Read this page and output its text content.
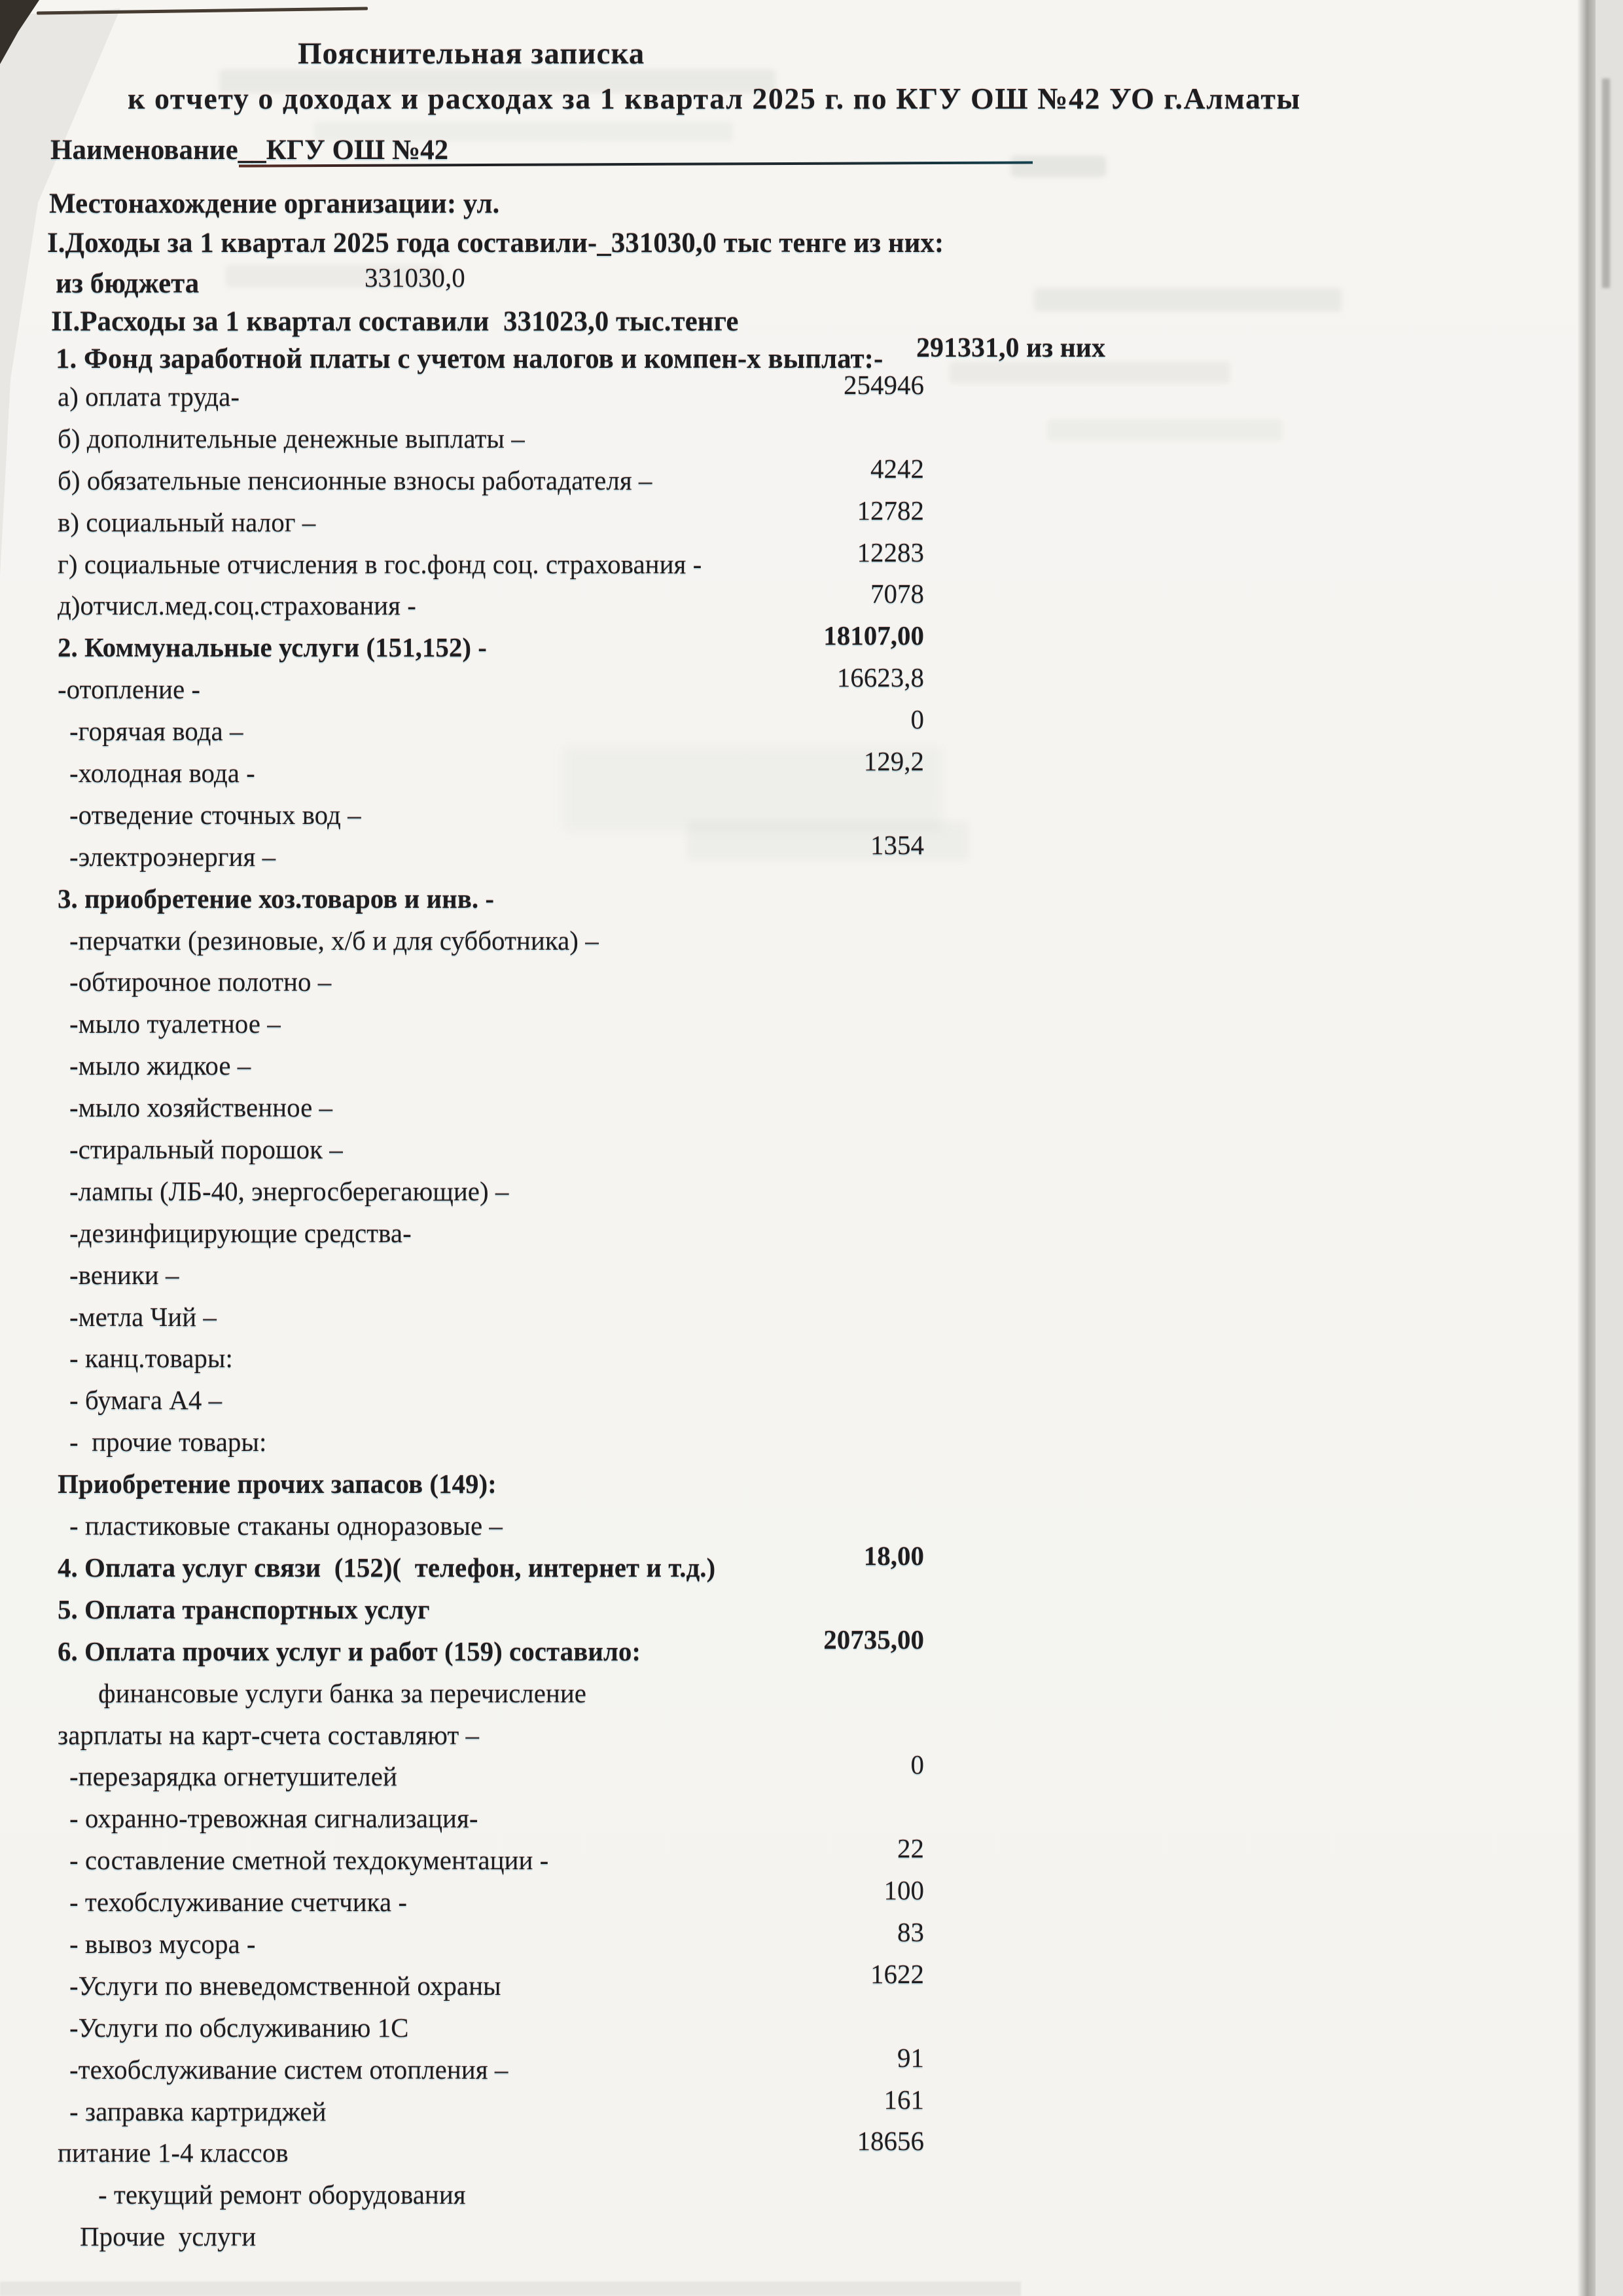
Пояснительная записка
к отчету о доходах и расходах за 1 квартал 2025 г. по КГУ ОШ №42 УО г.Алматы
Наименование__КГУ ОШ №42
Местонахождение организации: ул.
I.Доходы за 1 квартал 2025 года составили-_331030,0 тыс тенге из них:
из бюджета	331030,0
II.Расходы за 1 квартал составили  331023,0 тыс.тенге
1. Фонд заработной платы с учетом налогов и компен-х выплат:- 291331,0 из них
а) оплата труда-	254946
б) дополнительные денежные выплаты –
б) обязательные пенсионные взносы работадателя –	4242
в) социальный налог –	12782
г) социальные отчисления в гос.фонд соц. страхования -	12283
д)отчисл.мед.соц.страхования -	7078
2. Коммунальные услуги (151,152) -	18107,00
-отопление -	16623,8
-горячая вода –	0
-холодная вода -	129,2
-отведение сточных вод –
-электроэнергия –	1354
3. приобретение хоз.товаров и инв. -
-перчатки (резиновые, х/б и для субботника) –
-обтирочное полотно –
-мыло туалетное –
-мыло жидкое –
-мыло хозяйственное –
-стиральный порошок –
-лампы (ЛБ-40, энергосберегающие) –
-дезинфицирующие средства-
-веники –
-метла Чий –
- канц.товары:
- бумага А4 –
-  прочие товары:
Приобретение прочих запасов (149):
- пластиковые стаканы одноразовые –
4. Оплата услуг связи  (152)(  телефон, интернет и т.д.)	18,00
5. Оплата транспортных услуг
6. Оплата прочих услуг и работ (159) составило:	20735,00
финансовые услуги банка за перечисление
зарплаты на карт-счета составляют –
-перезарядка огнетушителей	0
- охранно-тревожная сигнализация-
- составление сметной техдокументации -	22
- техобслуживание счетчика -	100
- вывоз мусора -	83
-Услуги по вневедомственной охраны	1622
-Услуги по обслуживанию 1С
-техобслуживание систем отопления –	91
- заправка картриджей	161
питание 1-4 классов	18656
- текущий ремонт оборудования
Прочие  услуги
